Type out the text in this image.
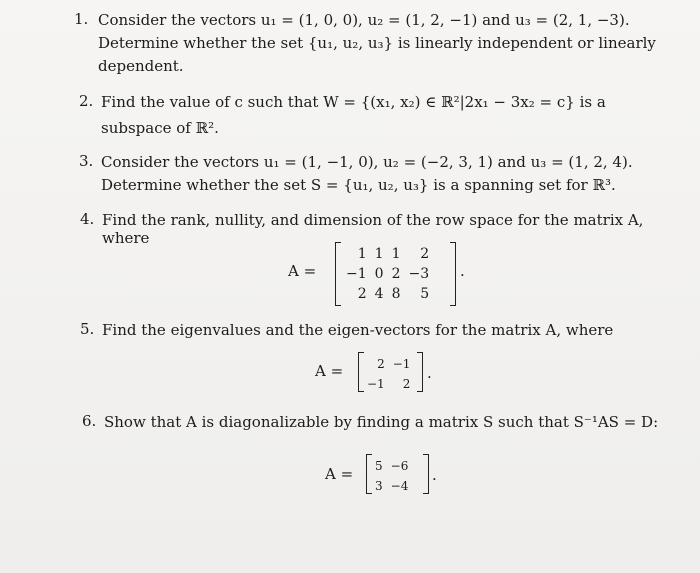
1. Consider the vectors u₁ = (1, 0, 0), u₂ = (1, 2, −1) and u₃ = (2, 1, −3).
Determine whether the set {u₁, u₂, u₃} is linearly independent or linearly
dependent.
2. Find the value of c such that W = {(x₁, x₂) ∈ ℝ²|2x₁ − 3x₂ = c} is a
subspace of ℝ².
3. Consider the vectors u₁ = (1, −1, 0), u₂ = (−2, 3, 1) and u₃ = (1, 2, 4).
Determine whether the set S = {u₁, u₂, u₃} is a spanning set for ℝ³.
4. Find the rank, nullity, and dimension of the row space for the matrix A,
where
A =
1	1	1	2
−1	0	2	−3
2	4	8	5
.
5. Find the eigenvalues and the eigen-vectors for the matrix A, where
A =	2	−1
−1	2
.
6. Show that A is diagonalizable by finding a matrix S such that S⁻¹AS = D:
A = 5	−6
3	−4
.
